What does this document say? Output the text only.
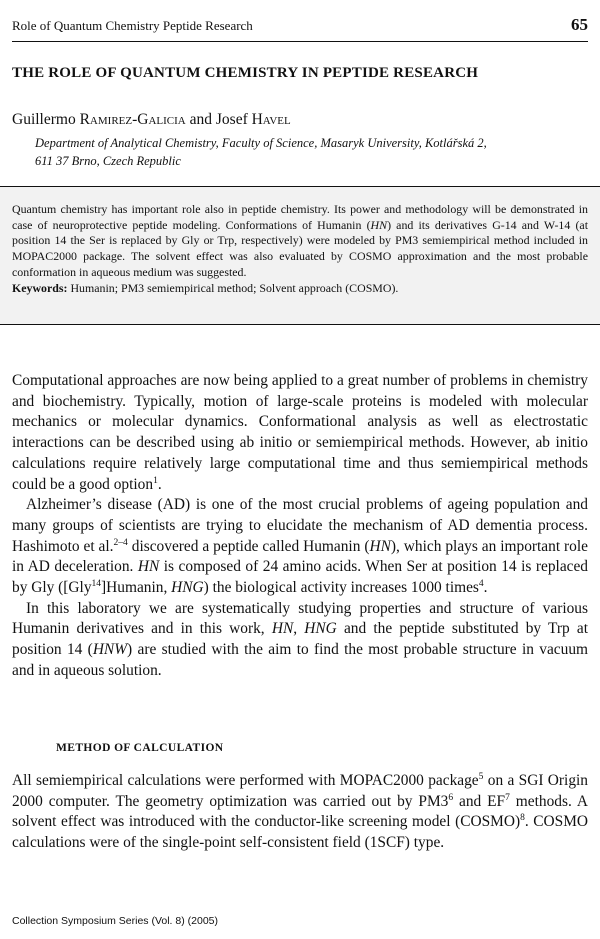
Role of Quantum Chemistry Peptide Research	65
THE ROLE OF QUANTUM CHEMISTRY IN PEPTIDE RESEARCH
Guillermo Ramirez-Galicia and Josef Havel
Department of Analytical Chemistry, Faculty of Science, Masaryk University, Kotlářská 2,
611 37 Brno, Czech Republic

Quantum chemistry has important role also in peptide chemistry. Its power and methodology will be demonstrated in case of neuroprotective peptide modeling. Conformations of Humanin (HN) and its derivatives G-14 and W-14 (at position 14 the Ser is replaced by Gly or Trp, respectively) were modeled by PM3 semiempirical method included in MOPAC2000 package. The solvent effect was also evaluated by COSMO approximation and the most probable conformation in aqueous medium was suggested.

Keywords: Humanin; PM3 semiempirical method; Solvent approach (COSMO).

Computational approaches are now being applied to a great number of problems in chemistry and biochemistry. Typically, motion of large-scale proteins is modeled with molecular mechanics or molecular dynamics. Conformational analysis as well as electrostatic interactions can be described using ab initio or semiempirical methods. However, ab initio calculations require relatively large computational time and thus semiempirical methods could be a good option$^1$.

Alzheimer’s disease (AD) is one of the most crucial problems of ageing population and many groups of scientists are trying to elucidate the mechanism of AD dementia process. Hashimoto et al.$^{2-4}$ discovered a peptide called Humanin (HN), which plays an important role in AD deceleration. HN is composed of 24 amino acids. When Ser at position 14 is replaced by Gly ([Gly$^{14}$]Humanin, HNG) the biological activity increases 1000 times$^4$.

In this laboratory we are systematically studying properties and structure of various Humanin derivatives and in this work, HN, HNG and the peptide substituted by Trp at position 14 (HNW) are studied with the aim to find the most probable structure in vacuum and in aqueous solution.

METHOD OF CALCULATION

All semiempirical calculations were performed with MOPAC2000 package$^5$ on a SGI Origin 2000 computer. The geometry optimization was carried out by $PM3^6$ and $EF^7$ methods. A solvent effect was introduced with the conductor-like screening model (COSMO)$^8$. COSMO calculations were of the single-point self-consistent field (1SCF) type.

Collection Symposium Series (Vol. 8) (2005)
